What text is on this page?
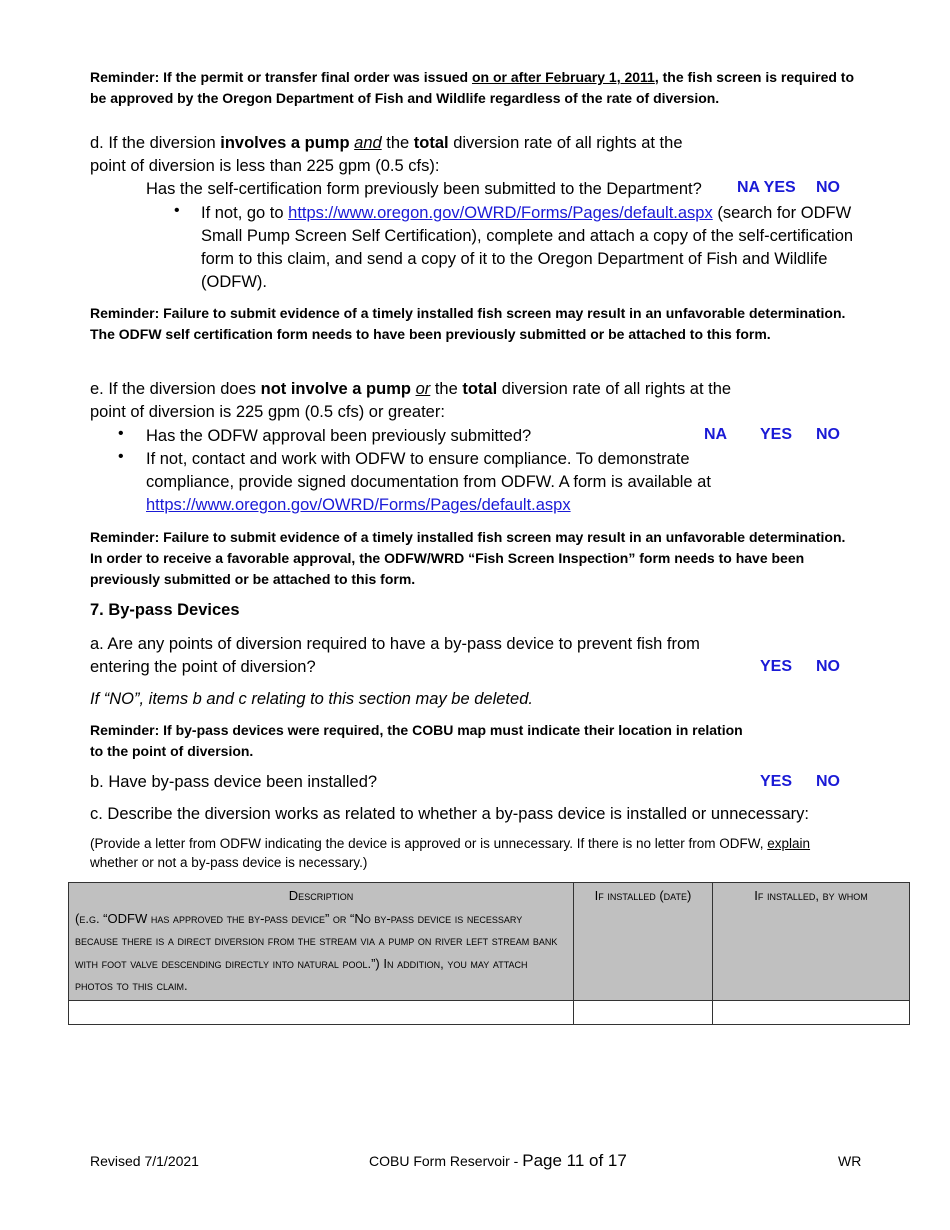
Reminder: If the permit or transfer final order was issued on or after February 1, 2011, the fish screen is required to be approved by the Oregon Department of Fish and Wildlife regardless of the rate of diversion.
d. If the diversion involves a pump and the total diversion rate of all rights at the
point of diversion is less than 225 gpm (0.5 cfs):
Has the self-certification form previously been submitted to the Department? NA YES NO
• If not, go to https://www.oregon.gov/OWRD/Forms/Pages/default.aspx (search for ODFW Small Pump Screen Self Certification), complete and attach a copy of the self-certification form to this claim, and send a copy of it to the Oregon Department of Fish and Wildlife (ODFW).
Reminder: Failure to submit evidence of a timely installed fish screen may result in an unfavorable determination. The ODFW self certification form needs to have been previously submitted or be attached to this form.
e. If the diversion does not involve a pump or the total diversion rate of all rights at the
point of diversion is 225 gpm (0.5 cfs) or greater:
• Has the ODFW approval been previously submitted?	NA YES NO
• If not, contact and work with ODFW to ensure compliance. To demonstrate compliance, provide signed documentation from ODFW. A form is available at https://www.oregon.gov/OWRD/Forms/Pages/default.aspx
Reminder: Failure to submit evidence of a timely installed fish screen may result in an unfavorable determination. In order to receive a favorable approval, the ODFW/WRD “Fish Screen Inspection” form needs to have been previously submitted or be attached to this form.
7. By-pass Devices
a. Are any points of diversion required to have a by-pass device to prevent fish from
entering the point of diversion?	YES NO
If “NO”, items b and c relating to this section may be deleted.
Reminder: If by-pass devices were required, the COBU map must indicate their location in relation to the point of diversion.
b. Have by-pass device been installed?	YES NO
c. Describe the diversion works as related to whether a by-pass device is installed or unnecessary:
(Provide a letter from ODFW indicating the device is approved or is unnecessary. If there is no letter from ODFW, explain whether or not a by-pass device is necessary.)
Description
(e.g. “ODFW has approved the by-pass device” or “No by-pass device is necessary because there is a direct diversion from the stream via a pump on river left stream bank with foot valve descending directly into natural pool.”) In addition, you may attach photos to this claim.	If installed (date)	If installed, by whom

Revised 7/1/2021	COBU Form Reservoir - Page 11 of 17	WR
